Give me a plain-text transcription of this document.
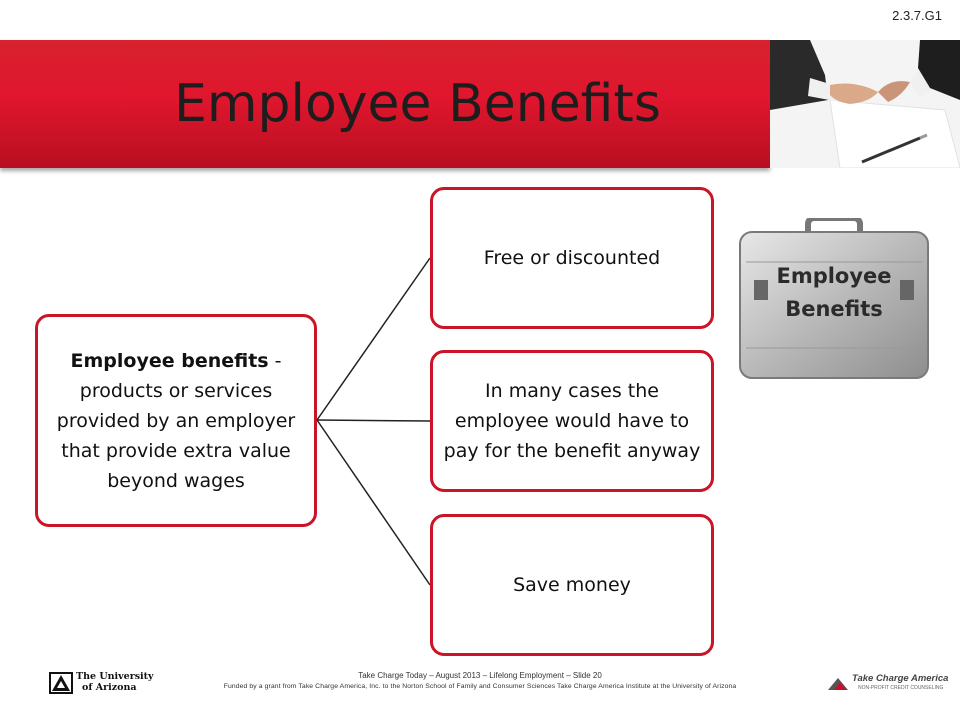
2.3.7.G1
Employee Benefits
Employee benefits - products or services provided by an employer that provide extra value beyond wages
Free or discounted
In many cases the employee would have to pay for the benefit anyway
Save money
Employee
Benefits
The University
of Arizona
Take Charge Today – August 2013 – Lifelong Employment – Slide 20
Funded by a grant from Take Charge America, Inc. to the Norton School of Family and Consumer Sciences Take Charge America Institute at the University of Arizona
Take Charge America
NON-PROFIT CREDIT COUNSELING
